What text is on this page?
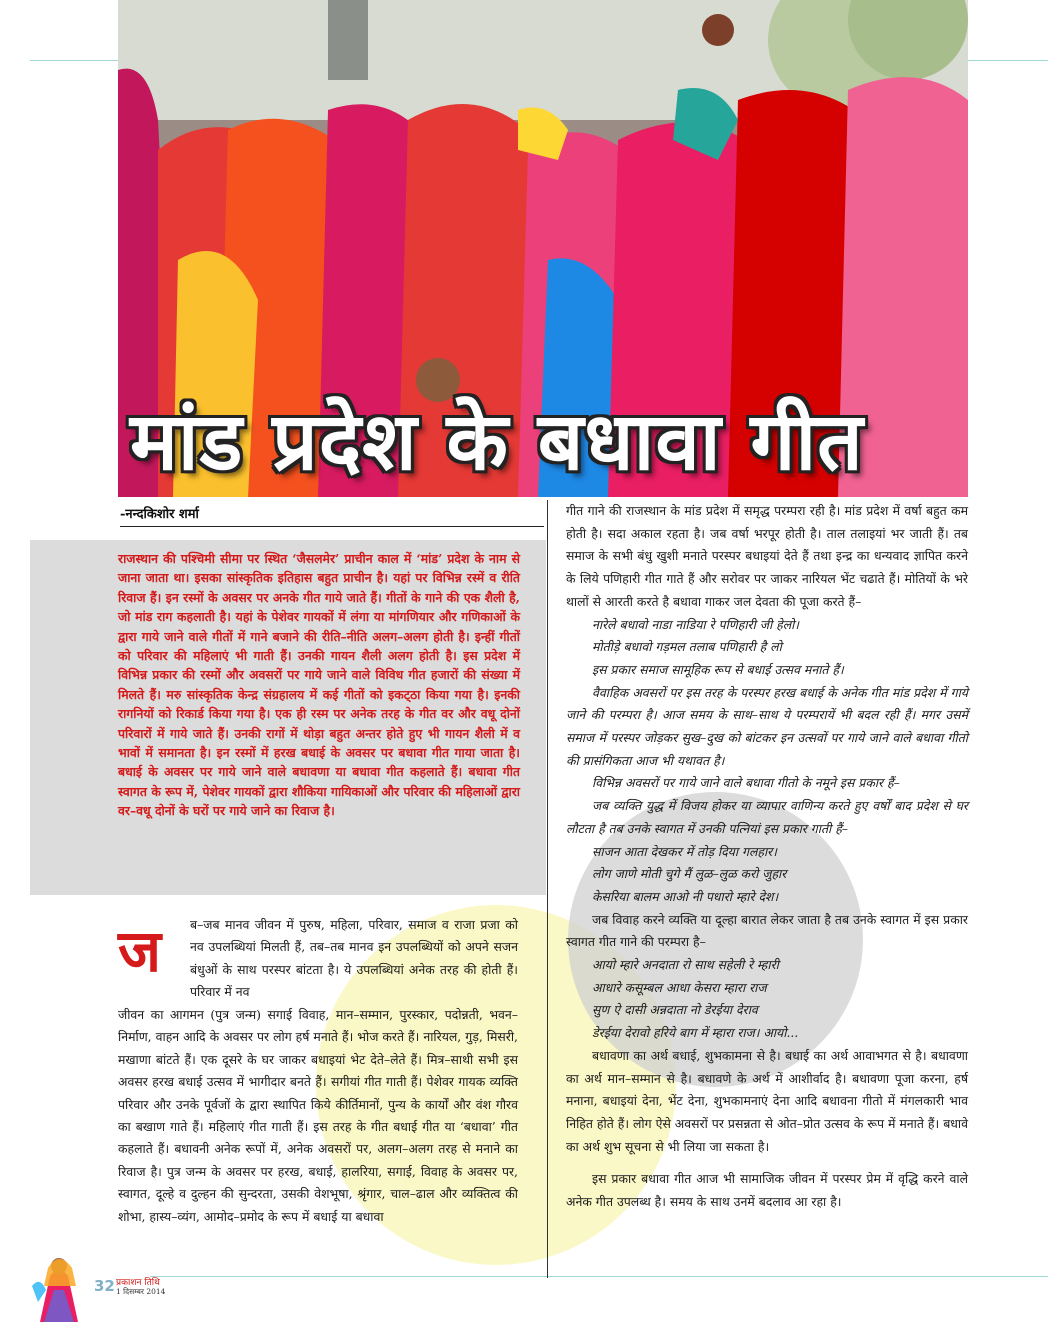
मांड प्रदेश के बधावा गीत
-नन्दकिशोर शर्मा
राजस्थान की पश्चिमी सीमा पर स्थित ‘जैसलमेर’ प्राचीन काल में ‘मांड’ प्रदेश के नाम से जाना जाता था। इसका सांस्कृतिक इतिहास बहुत प्राचीन है। यहां पर विभिन्न रस्में व रीति रिवाज हैं। इन रस्मों के अवसर पर अनके गीत गाये जाते हैं। गीतों के गाने की एक शैली है, जो मांड राग कहलाती है। यहां के पेशेवर गायकों में लंगा या मांगणियार और गणिकाओं के द्वारा गाये जाने वाले गीतों में गाने बजाने की रीति–नीति अलग–अलग होती है। इन्हीं गीतों को परिवार की महिलाएं भी गाती हैं। उनकी गायन शैली अलग होती है। इस प्रदेश में विभिन्न प्रकार की रस्मों और अवसरों पर गाये जाने वाले विविध गीत हजारों की संख्या में मिलते हैं। मरु सांस्कृतिक केन्द्र संग्रहालय में कई गीतों को इकट्‌ठा किया गया है। इनकी रागनियों को रिकार्ड किया गया है। एक ही रस्म पर अनेक तरह के गीत वर और वधू दोनों परिवारों में गाये जाते हैं। उनकी रागों में थोड़ा बहुत अन्तर होते हुए भी गायन शैली में व भावों में समानता है। इन रस्मों में हरख बधाई के अवसर पर बधावा गीत गाया जाता है। बधाई के अवसर पर गाये जाने वाले बधावणा या बधावा गीत कहलाते हैं। बधावा गीत स्वागत के रूप में, पेशेवर गायकों द्वारा शौकिया गायिकाओं और परिवार की महिलाओं द्वारा वर–वधू दोनों के घरों पर गाये जाने का रिवाज है।
ज ब–जब मानव जीवन में पुरुष, महिला, परिवार, समाज व राजा प्रजा को नव उपलब्धियां मिलती हैं, तब–तब मानव इन उपलब्धियों को अपने सजन बंधुओं के साथ परस्पर बांटता है। ये उपलब्धियां अनेक तरह की होती हैं। परिवार में नव
जीवन का आगमन (पुत्र जन्म) सगाई विवाह, मान–सम्मान, पुरस्कार, पदोन्नती, भवन–निर्माण, वाहन आदि के अवसर पर लोग हर्ष मनाते हैं। भोज करते हैं। नारियल, गुड़, मिसरी, मखाणा बांटते हैं। एक दूसरे के घर जाकर बधाइयां भेट देते–लेते हैं। मित्र–साथी सभी इस अवसर हरख बधाई उत्सव में भागीदार बनते हैं। सगीयां गीत गाती हैं। पेशेवर गायक व्यक्ति परिवार और उनके पूर्वजों के द्वारा स्थापित किये कीर्तिमानों, पुन्य के कार्यों और वंश गौरव का बखाण गाते हैं। महिलाएं गीत गाती हैं। इस तरह के गीत बधाई गीत या ‘बधावा’ गीत कहलाते हैं। बधावनी अनेक रूपों में, अनेक अवसरों पर, अलग–अलग तरह से मनाने का रिवाज है। पुत्र जन्म के अवसर पर हरख, बधाई, हालरिया, सगाई, विवाह के अवसर पर, स्वागत, दूल्हे व दुल्हन की सुन्दरता, उसकी वेशभूषा, श्रृंगार, चाल–ढाल और व्यक्तित्व की शोभा, हास्य–व्यंग, आमोद–प्रमोद के रूप में बधाई या बधावा

गीत गाने की राजस्थान के मांड प्रदेश में समृद्ध परम्परा रही है। मांड प्रदेश में वर्षा बहुत कम होती है। सदा अकाल रहता है। जब वर्षा भरपूर होती है। ताल तलाइयां भर जाती हैं। तब समाज के सभी बंधु खुशी मनाते परस्पर बधाइयां देते हैं तथा इन्द्र का धन्यवाद ज्ञापित करने के लिये पणिहारी गीत गाते हैं और सरोवर पर जाकर नारियल भेंट चढाते हैं। मोतियों के भरे थालों से आरती करते है बधावा गाकर जल देवता की पूजा करते हैं–

नारेले बधावो नाडा नाडिया रे पणिहारी जी हेलो।

मोतीड़े बधावो गड़मल तलाब पणिहारी है लो

इस प्रकार समाज सामूहिक रूप से बधाई उत्सव मनाते हैं।

वैवाहिक अवसरों पर इस तरह के परस्पर हरख बधाई के अनेक गीत मांड प्रदेश में गाये जाने की परम्परा है। आज समय के साथ–साथ ये परम्परायें भी बदल रही हैं। मगर उसमें समाज में परस्पर जोड़कर सुख–दुख को बांटकर इन उत्सवों पर गाये जाने वाले बधावा गीतो की प्रासंगिकता आज भी यथावत है।

विभिन्न अवसरों पर गाये जाने वाले बधावा गीतो के नमूने इस प्रकार हैं–

जब व्यक्ति युद्ध में विजय होकर या व्यापार वाणिन्य करते हुए वर्षों बाद प्रदेश से घर लौटता है तब उनके स्वागत में उनकी पत्नियां इस प्रकार गाती हैं–

साजन आता देखकर में तोड़ दिया गलहार।

लोग जाणे मोती चुगे मैं लुळ–लुळ करो जुहार

केसरिया बालम आओ नी पधारो म्हारे देश।

जब विवाह करने व्यक्ति या दूल्हा बारात लेकर जाता है तब उनके स्वागत में इस प्रकार स्वागत गीत गाने की परम्परा है–

आयो म्हारे अनदाता रो साथ सहेली रे म्हारी

आधारे कसूम्बल आधा केसरा म्हारा राज

सुण ऐ दासी अन्नदाता नो डेरईया देराव

डेरईया देरावो हरिये बाग में म्हारा राज। आयो...

बधावणा का अर्थ बधाई, शुभकामना से है। बधाई का अर्थ आवाभगत से है। बधावणा का अर्थ मान–सम्मान से है। बधावणे के अर्थ में आशीर्वाद है। बधावणा पूजा करना, हर्ष मनाना, बधाइयां देना, भेंट देना, शुभकामनाएं देना आदि बधावना गीतो में मंगलकारी भाव निहित होते हैं। लोग ऐसे अवसरों पर प्रसन्नता से ओत–प्रोत उत्सव के रूप में मनाते हैं। बधावे का अर्थ शुभ सूचना से भी लिया जा सकता है।

इस प्रकार बधावा गीत आज भी सामाजिक जीवन में परस्पर प्रेम में वृद्धि करने वाले अनेक गीत उपलब्ध है। समय के साथ उनमें बदलाव आ रहा है।

32 प्रकाशन तिथि
1 दिसम्बर 2014
